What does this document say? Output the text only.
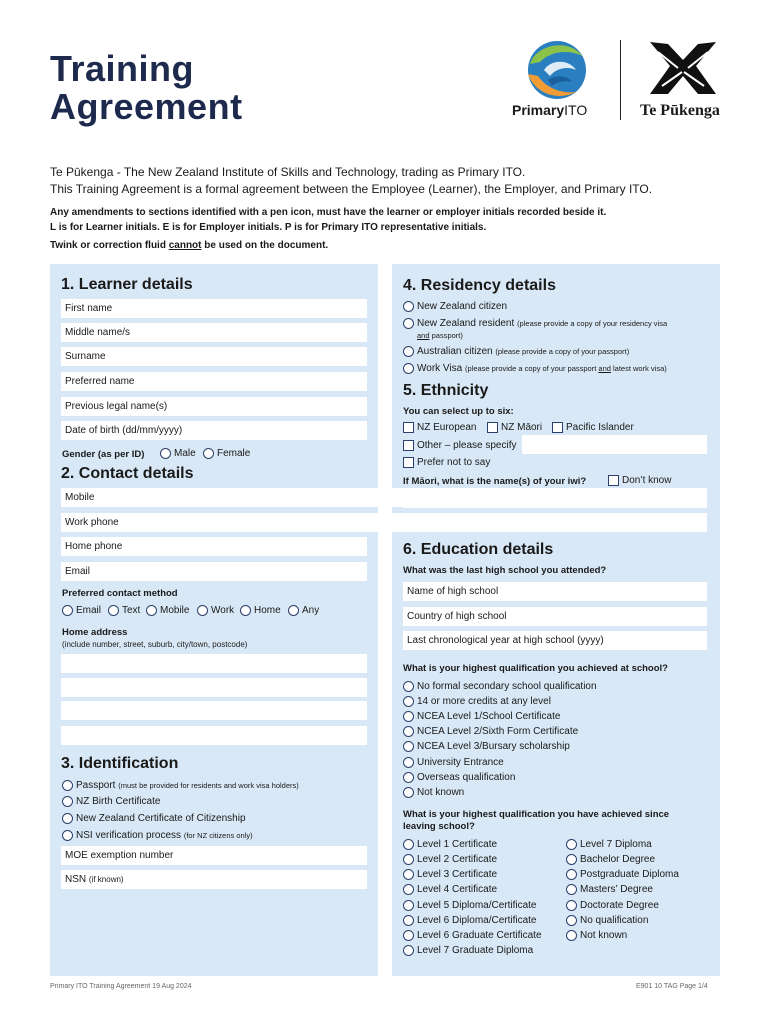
Training
Agreement	PrimaryITO	Te Pūkenga
Te Pūkenga - The New Zealand Institute of Skills and Technology, trading as Primary ITO.
This Training Agreement is a formal agreement between the Employee (Learner), the Employer, and Primary ITO.
Any amendments to sections identified with a pen icon, must have the learner or employer initials recorded beside it.
L is for Learner initials. E is for Employer initials. P is for Primary ITO representative initials.
Twink or correction fluid cannot be used on the document.
1. Learner details
First name
Middle name/s
Surname
Preferred name
Previous legal name(s)
Date of birth (dd/mm/yyyy)
Gender (as per ID)	Male Female
2. Contact details
Mobile
Work phone
Home phone
Email
Preferred contact method
Email Text Mobile Work Home Any
Home address
(include number, street, suburb, city/town, postcode)
3. Identification
Passport
(must be provided for residents and work visa holders)
NZ Birth Certificate
New Zealand Certificate of Citizenship
NSI verification process
(for NZ citizens only)
MOE exemption number
NSN (if known)
4. Residency details
New Zealand citizen
New Zealand resident
(please provide a copy of your residency visa
and passport)
Australian citizen
(please provide a copy of your passport)
Work Visa
(please provide a copy of your passport and latest work visa)
5. Ethnicity
You can select up to six:
NZ European NZ Māori Pacific Islander
Other – please specify
Prefer not to say
If Māori, what is the name(s) of your iwi?	Don’t know
6. Education details
What was the last high school you attended?
Name of high school
Country of high school
Last chronological year at high school (yyyy)
What is your highest qualification you achieved at school?
No formal secondary school qualification
14 or more credits at any level
NCEA Level 1/School Certificate
NCEA Level 2/Sixth Form Certificate
NCEA Level 3/Bursary scholarship
University Entrance
Overseas qualification
Not known
What is your highest qualification you have achieved since
leaving school?
Level 1 Certificate
Level 2 Certificate
Level 3 Certificate
Level 4 Certificate
Level 5 Diploma/Certificate
Level 6 Diploma/Certificate
Level 6 Graduate Certificate
Level 7 Graduate Diploma
Level 7 Diploma
Bachelor Degree
Postgraduate Diploma
Masters’ Degree
Doctorate Degree
No qualification
Not known
Primary ITO Training Agreement 19 Aug 2024	E901 10 TAG Page 1/4
